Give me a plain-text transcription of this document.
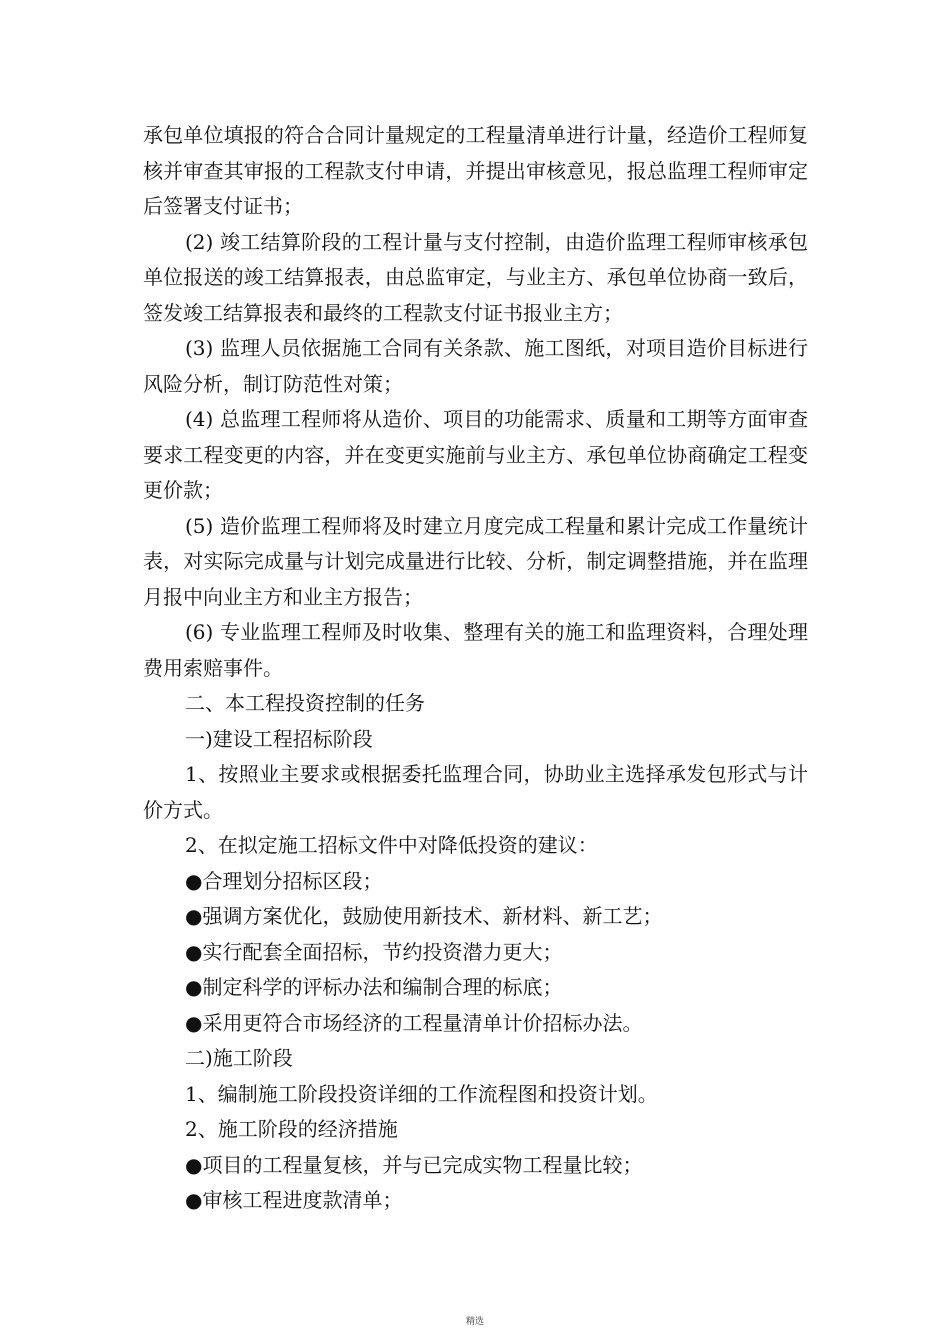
承包单位填报的符合合同计量规定的工程量清单进行计量，经造价工程师复核并审查其审报的工程款支付申请，并提出审核意见，报总监理工程师审定后签署支付证书；

(2) 竣工结算阶段的工程计量与支付控制，由造价监理工程师审核承包单位报送的竣工结算报表，由总监审定，与业主方、承包单位协商一致后，签发竣工结算报表和最终的工程款支付证书报业主方；

(3) 监理人员依据施工合同有关条款、施工图纸，对项目造价目标进行风险分析，制订防范性对策；

(4) 总监理工程师将从造价、项目的功能需求、质量和工期等方面审查要求工程变更的内容，并在变更实施前与业主方、承包单位协商确定工程变更价款；

(5) 造价监理工程师将及时建立月度完成工程量和累计完成工作量统计表，对实际完成量与计划完成量进行比较、分析，制定调整措施，并在监理月报中向业主方和业主方报告；

(6) 专业监理工程师及时收集、整理有关的施工和监理资料，合理处理费用索赔事件。

二、本工程投资控制的任务

一)建设工程招标阶段

1、按照业主要求或根据委托监理合同，协助业主选择承发包形式与计价方式。

2、在拟定施工招标文件中对降低投资的建议：

●合理划分招标区段；

●强调方案优化，鼓励使用新技术、新材料、新工艺；

●实行配套全面招标，节约投资潜力更大；

●制定科学的评标办法和编制合理的标底；

●采用更符合市场经济的工程量清单计价招标办法。

二)施工阶段

1、编制施工阶段投资详细的工作流程图和投资计划。

2、施工阶段的经济措施

●项目的工程量复核，并与已完成实物工程量比较；

●审核工程进度款清单；

精选
